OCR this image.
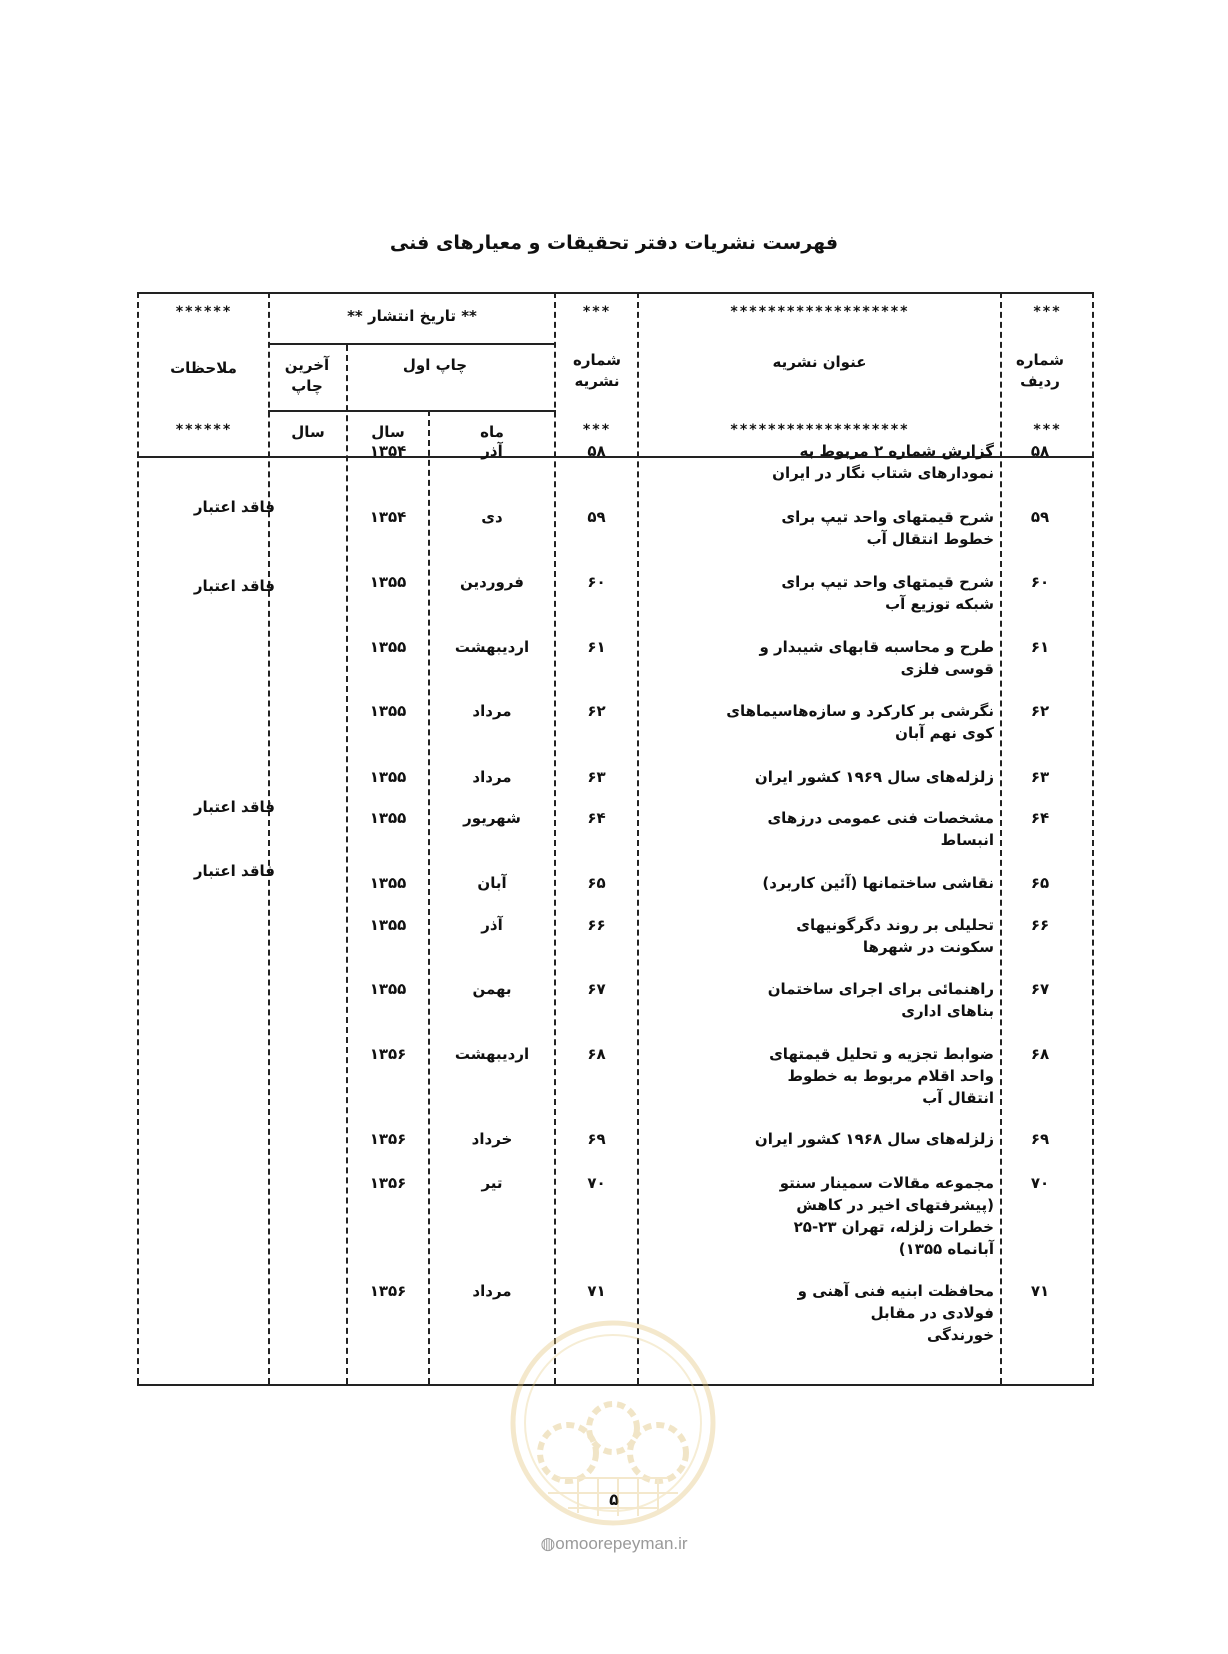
فهرست نشریات دفتر تحقیقات و معیارهای فنی
***
شماره ردیف
***
*******************
عنوان نشریه
*******************
***
شماره نشریه
***
** تاریخ انتشار **
چاپ اول
آخرین چاپ
ماه
سال
سال
******
ملاحظات
******
۵۸
گزارش شماره ۲ مربوط به
نمودارهای شتاب نگار در ایران
۵۸
آذر
۱۳۵۴
۵۹
شرح قیمتهای واحد تیپ برای
خطوط انتقال آب
۵۹
دی
۱۳۵۴
فاقد اعتبار
۶۰
شرح قیمتهای واحد تیپ برای
شبکه توزیع آب
۶۰
فروردین
۱۳۵۵
فاقد اعتبار
۶۱
طرح و محاسبه قابهای شیبدار و
قوسی فلزی
۶۱
اردیبهشت
۱۳۵۵
۶۲
نگرشی بر کارکرد و سازه‌هاسیماهای
کوی نهم آبان
۶۲
مرداد
۱۳۵۵
۶۳
زلزله‌های سال ۱۹۶۹ کشور ایران
۶۳
مرداد
۱۳۵۵
۶۴
مشخصات فنی عمومی درزهای
انبساط
۶۴
شهریور
۱۳۵۵
فاقد اعتبار
۶۵
نقاشی ساختمانها (آئین کاربرد)
۶۵
آبان
۱۳۵۵
فاقد اعتبار
۶۶
تحلیلی بر روند دگرگونیهای
سکونت در شهرها
۶۶
آذر
۱۳۵۵
۶۷
راهنمائی برای اجرای ساختمان
بناهای اداری
۶۷
بهمن
۱۳۵۵
۶۸
ضوابط تجزیه و تحلیل قیمتهای
واحد اقلام مربوط به خطوط
انتقال آب
۶۸
اردیبهشت
۱۳۵۶
۶۹
زلزله‌های سال ۱۹۶۸ کشور ایران
۶۹
خرداد
۱۳۵۶
۷۰
مجموعه مقالات سمینار سنتو
(پیشرفتهای اخیر در کاهش
خطرات زلزله، تهران ۲۳-۲۵
آبانماه ۱۳۵۵)
۷۰
تیر
۱۳۵۶
۷۱
محافظت ابنیه فنی آهنی و
فولادی در مقابل
خورندگی
۷۱
مرداد
۱۳۵۶
۵
◍omoorepeyman.ir
